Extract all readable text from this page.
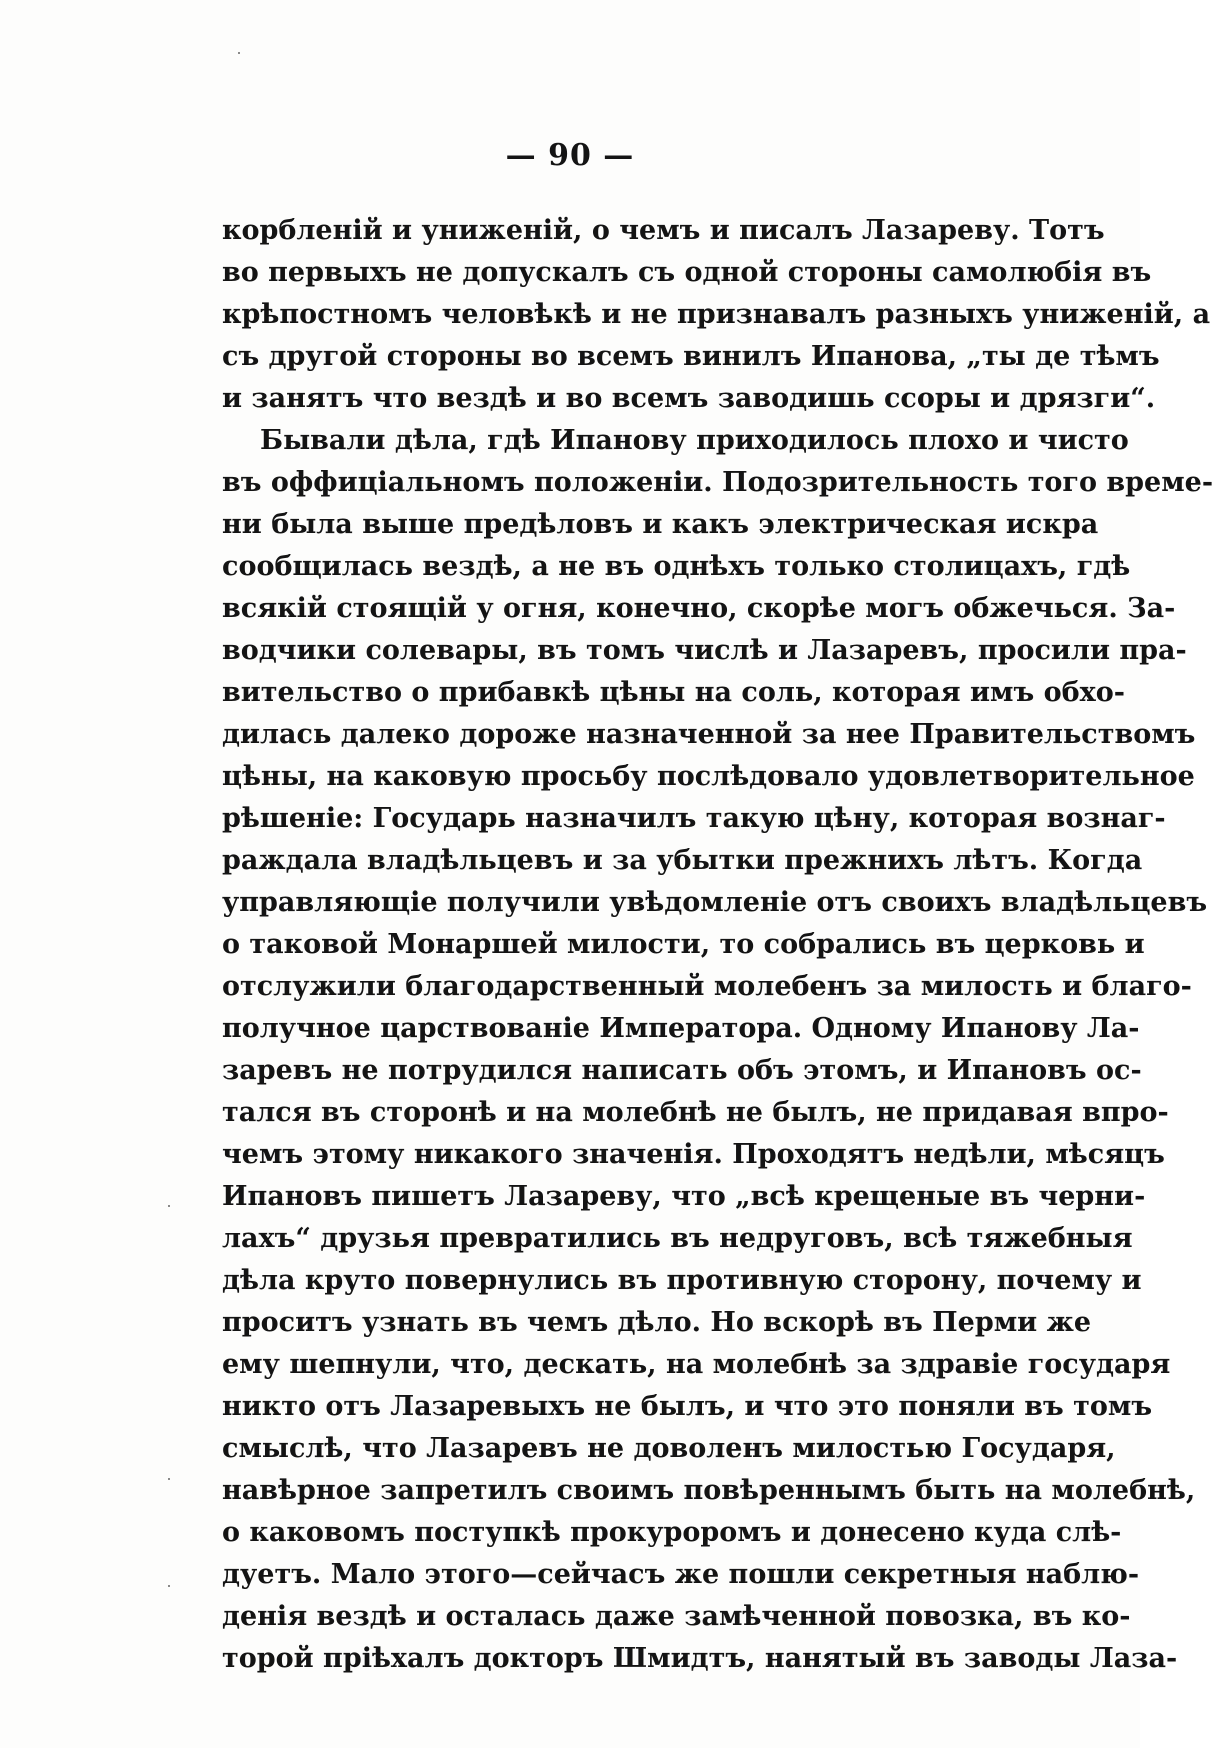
— 90 —
корбленій и униженій, о чемъ и писалъ Лазареву. Тотъ
во первыхъ не допускалъ съ одной стороны самолюбія въ
крѣпостномъ человѣкѣ и не признавалъ разныхъ униженій, а
съ другой стороны во всемъ винилъ Ипанова, „ты де тѣмъ
и занятъ что вездѣ и во всемъ заводишь ссоры и дрязги“.
Бывали дѣла, гдѣ Ипанову приходилось плохо и чисто
въ оффиціальномъ положеніи. Подозрительность того време-
ни была выше предѣловъ и какъ электрическая искра
сообщилась вездѣ, а не въ однѣхъ только столицахъ, гдѣ
всякій стоящій у огня, конечно, скорѣе могъ обжечься. За-
водчики солевары, въ томъ числѣ и Лазаревъ, просили пра-
вительство о прибавкѣ цѣны на соль, которая имъ обхо-
дилась далеко дороже назначенной за нее Правительствомъ
цѣны, на каковую просьбу послѣдовало удовлетворительное
рѣшеніе: Государь назначилъ такую цѣну, которая вознаг-
раждала владѣльцевъ и за убытки прежнихъ лѣтъ. Когда
управляющіе получили увѣдомленіе отъ своихъ владѣльцевъ
о таковой Монаршей милости, то собрались въ церковь и
отслужили благодарственный молебенъ за милость и благо-
получное царствованіе Императора. Одному Ипанову Ла-
заревъ не потрудился написать объ этомъ, и Ипановъ ос-
тался въ сторонѣ и на молебнѣ не былъ, не придавая впро-
чемъ этому никакого значенія. Проходятъ недѣли, мѣсяцъ
Ипановъ пишетъ Лазареву, что „всѣ крещеные въ черни-
лахъ“ друзья превратились въ недруговъ, всѣ тяжебныя
дѣла круто повернулись въ противную сторону, почему и
проситъ узнать въ чемъ дѣло. Но вскорѣ въ Перми же
ему шепнули, что, дескать, на молебнѣ за здравіе государя
никто отъ Лазаревыхъ не былъ, и что это поняли въ томъ
смыслѣ, что Лазаревъ не доволенъ милостью Государя,
навѣрное запретилъ своимъ повѣреннымъ быть на молебнѣ,
о каковомъ поступкѣ прокуроромъ и донесено куда слѣ-
дуетъ. Мало этого—сейчасъ же пошли секретныя наблю-
денія вездѣ и осталась даже замѣченной повозка, въ ко-
торой пріѣхалъ докторъ Шмидтъ, нанятый въ заводы Лаза-
